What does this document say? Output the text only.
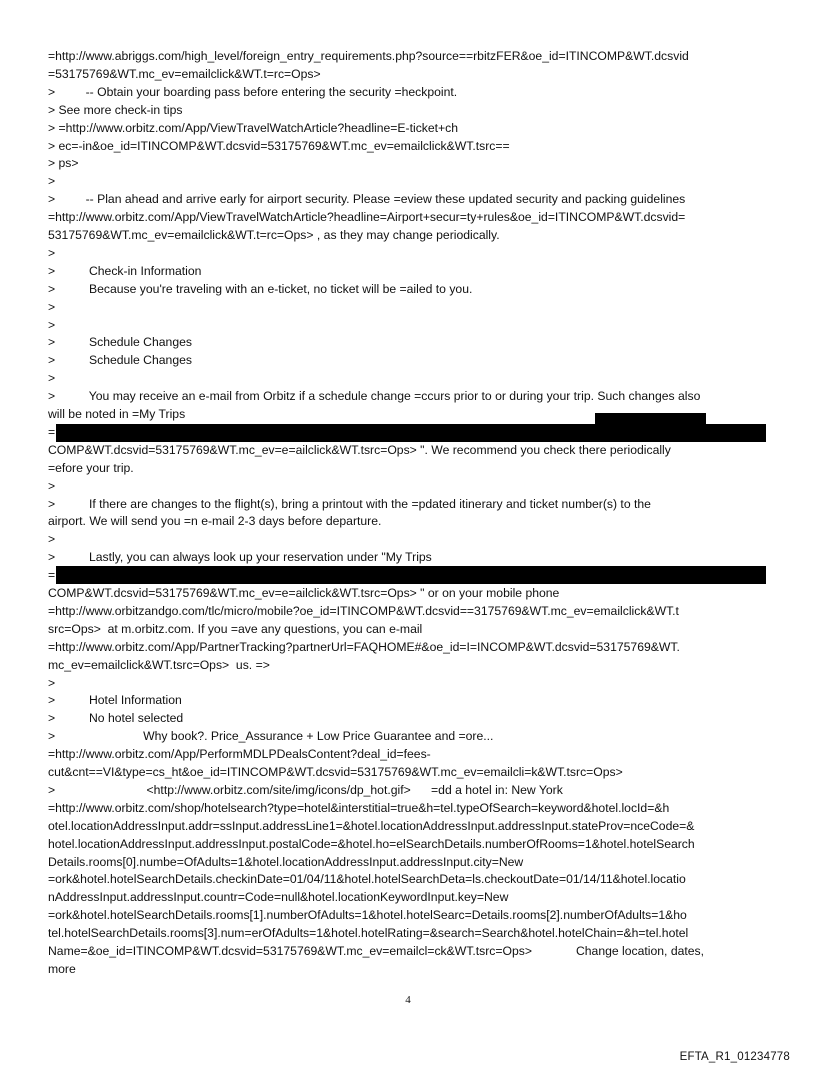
=http://www.abriggs.com/high_level/foreign_entry_requirements.php?source==rbitzFER&oe_id=ITINCOMP&WT.dcsvid
=53175769&WT.mc_ev=emailclick&WT.t=rc=Ops>
>         -- Obtain your boarding pass before entering the security =heckpoint.
> See more check-in tips
> =http://www.orbitz.com/App/ViewTravelWatchArticle?headline=E-ticket+ch
> ec=-in&oe_id=ITINCOMP&WT.dcsvid=53175769&WT.mc_ev=emailclick&WT.tsrc==
> ps>
>
>         -- Plan ahead and arrive early for airport security. Please =eview these updated security and packing guidelines
=http://www.orbitz.com/App/ViewTravelWatchArticle?headline=Airport+secur=ty+rules&oe_id=ITINCOMP&WT.dcsvid=
53175769&WT.mc_ev=emailclick&WT.t=rc=Ops> , as they may change periodically.
>
>          Check-in Information
>          Because you're traveling with an e-ticket, no ticket will be =ailed to you.
>
>
>          Schedule Changes
>          Schedule Changes
>
>          You may receive an e-mail from Orbitz if a schedule change =ccurs prior to or during your trip. Such changes also
will be noted in =My Trips
=
COMP&WT.dcsvid=53175769&WT.mc_ev=e=ailclick&WT.tsrc=Ops> ". We recommend you check there periodically
=efore your trip.
>
>          If there are changes to the flight(s), bring a printout with the =pdated itinerary and ticket number(s) to the
airport. We will send you =n e-mail 2-3 days before departure.
>
>          Lastly, you can always look up your reservation under "My Trips
=
COMP&WT.dcsvid=53175769&WT.mc_ev=e=ailclick&WT.tsrc=Ops> " or on your mobile phone
=http://www.orbitzandgo.com/tlc/micro/mobile?oe_id=ITINCOMP&WT.dcsvid==3175769&WT.mc_ev=emailclick&WT.t
src=Ops>  at m.orbitz.com. If you =ave any questions, you can e-mail
=http://www.orbitz.com/App/PartnerTracking?partnerUrl=FAQHOME#&oe_id=I=INCOMP&WT.dcsvid=53175769&WT.
mc_ev=emailclick&WT.tsrc=Ops>  us. =>
>
>          Hotel Information
>          No hotel selected
>                          Why book?. Price_Assurance + Low Price Guarantee and =ore...
=http://www.orbitz.com/App/PerformMDLPDealsContent?deal_id=fees-
cut&cnt==VI&type=cs_ht&oe_id=ITINCOMP&WT.dcsvid=53175769&WT.mc_ev=emailcli=k&WT.tsrc=Ops>
>                           <http://www.orbitz.com/site/img/icons/dp_hot.gif>      =dd a hotel in: New York
=http://www.orbitz.com/shop/hotelsearch?type=hotel&interstitial=true&h=tel.typeOfSearch=keyword&hotel.locId=&h
otel.locationAddressInput.addr=ssInput.addressLine1=&hotel.locationAddressInput.addressInput.stateProv=nceCode=&
hotel.locationAddressInput.addressInput.postalCode=&hotel.ho=elSearchDetails.numberOfRooms=1&hotel.hotelSearch
Details.rooms[0].numbe=OfAdults=1&hotel.locationAddressInput.addressInput.city=New
=ork&hotel.hotelSearchDetails.checkinDate=01/04/11&hotel.hotelSearchDeta=ls.checkoutDate=01/14/11&hotel.locatio
nAddressInput.addressInput.countr=Code=null&hotel.locationKeywordInput.key=New
=ork&hotel.hotelSearchDetails.rooms[1].numberOfAdults=1&hotel.hotelSearc=Details.rooms[2].numberOfAdults=1&ho
tel.hotelSearchDetails.rooms[3].num=erOfAdults=1&hotel.hotelRating=&search=Search&hotel.hotelChain=&h=tel.hotel
Name=&oe_id=ITINCOMP&WT.dcsvid=53175769&WT.mc_ev=emailcl=ck&WT.tsrc=Ops>             Change location, dates,
more
4
EFTA_R1_01234778
